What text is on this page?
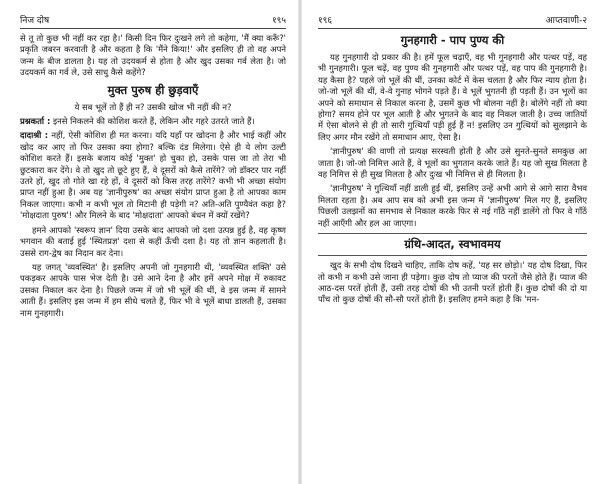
निज दोष	१९५

से तू तो कुछ भी नहीं कर रहा है।' किसी दिन फिर दुःखने लगे तो कहेगा, 'मैं क्या करूँ?' प्रकृति जबरन करवाती है और कहता है कि 'मैंने किया!' और इसलिए ही तो वह अपने जन्म के बीज डालता है। यह तो उदयकर्म से होता है और खुद उसका गर्व लेता है। जो उदयकर्म का गर्व ले, उसे साधु कैसे कहेंगे?

मुक्त पुरुष ही छुड़वाएँ

ये सब भूलें तो हैं ही न? उसकी खोज भी नहीं की न?

प्रश्नकर्ता : इनसे निकलने की कोशिश करते हैं, लेकिन और गहरे उतरते जाते हैं।

दादाश्री : नहीं, ऐसी कोशिश ही मत करना। यदि यहाँ पर खोदना है और भाई कहीं और खोद कर आए तो फिर उसका क्या होगा? बल्कि दंड मिलेगा। ऐसे ही ये लोग उल्टी कोशिश करते हैं। इसके बजाय कोई 'मुक्त' हो चुका हो, उसके पास जा तो तेरा भी छुटकारा कर देंगे। वे तो खुद तो छूटे हुए हैं, वे दूसरों को कैसे तारेंगे? जो डॉक्टर पार नहीं उतरे हों, खुद तो गोते खा रहे हों, वे दूसरों को किस तरह तारेंगे? कभी भी अच्छा संयोग प्राप्त नहीं हुआ है। अब यह 'ज्ञानीपुरुष' का अच्छा संयोग प्राप्त हुआ है तो आपका काम निकल जाएगा। कभी न कभी भूल तो मिटानी ही पड़ेगी न? अति-अति पुण्यैवंत कहा है? 'मोक्षदाता पुरुष'! और मिलने के बाद 'मोक्षदाता' आपको बंधन में क्यों रखेंगे?

हमने आपको 'स्वरूप ज्ञान' दिया उसके बाद आपको जो दशा उत्पन्न हुई है, वह कृष्ण भगवान की बताई हुई 'स्थितप्रज्ञ' दशा से कहीं ऊँची दशा है। यह तो ज्ञान कहलाती है। उससे राग-द्वेष का निदान कर देना।

यह जगत् 'व्यवस्थित' है। इसलिए अपनी जो गुनहगारी थी, 'व्यवस्थित शक्ति' उसे पकड़कर आपके पास भेज देती है। उसे आने देना है और हमें अपने मोक्ष में रुकावट उसका निकाल कर देना है। पिछले जन्म में जो भी भूलें की थीं, वे इस जन्म में सामने आती हैं। इसलिए इस जन्म में हम सीधे चलते हैं, फिर भी वे भूलें बाधा डालती हैं, उसका नाम गुनहगारी।

१९६	आप्तवाणी-२
गुनहगारी - पाप पुण्य की

यह गुनहगारी दो प्रकार की है। हमें फूल चढ़ाएँ, वह भी गुनहगारी और पत्थर पड़ें, वह भी गुनहगारी। फूल चढ़ें, वह पुण्य की गुनहगारी और पत्थर पड़ें, वह पाप की गुनहगारी है। यह कैसा है? पहले जो भूलें की थीं, उनका कोर्ट में केस चलता है और फिर न्याय होता है। जो-जो भूलें की थीं, वे-वे गुनाह भोगने पड़ते हैं। वे भूलें भुगतनी ही पड़ती हैं। उन भूलों का अपने को समाधान से निकाल करना है, उसमें कुछ भी बोलना नहीं है। बोलेंगे नहीं तो क्या होगा? समय होने पर भूल आती है और भुगतने के बाद वह निकल जाती है। उच्च जातियों में ऐसा बोलने से ही तो सारी गुत्थियाँ पड़ी हुई हैं न! इसलिए उन गुत्थियों को सुलझाने के लिए अगर मौन रखेंगे तो समाधान आए, ऐसा है।

'ज्ञानीपुरुष' की वाणी तो प्रत्यक्ष सरस्वती होती है और उसे सुनते-सुनते समकुछ आ जाता है। जो-जो निमित्त आते हैं, वे भूलों का भुगतान करके जाते हैं। यह जो सुख मिलता है वह निमित्त से ही सुख मिलता है और दुःख भी निमित्त से ही मिलता है।

'ज्ञानीपुरुष' ने गुत्थियाँ नहीं डाली हुई थीं, इसलिए उन्हें अभी आगे से आगे सारा वैभव मिलता रहता है। अब आप सब को अभी इस जन्म में 'ज्ञानीपुरुष' मिल गए हैं, इसलिए पिछली उलझनों का समभाव से निकाल करके फिर से नई गाँठें नहीं डालेंगे तो फिर वे गाँठें नहीं आएँगी और हल आ जाएगा।

ग्रंथि-आदत, स्वभावमय

खुद के सभी दोष दिखने चाहिए, ताकि दोष कहें, 'यह सर छोड़ो।' यह दोष दिखा, फिर तो कभी न कभी उसे जाना ही पड़ेगा। कुछ दोष तो प्याज की परतों जैसे होते हैं। प्याज की आठ-दस परतें होती हैं, उसी तरह दोषों की भी उतनी परतें होती हैं। कुछ दोषों की दो या पाँच तो कुछ दोषों की सौ-सौ परतें होती हैं। इसलिए हमने कहा है कि 'मन-
